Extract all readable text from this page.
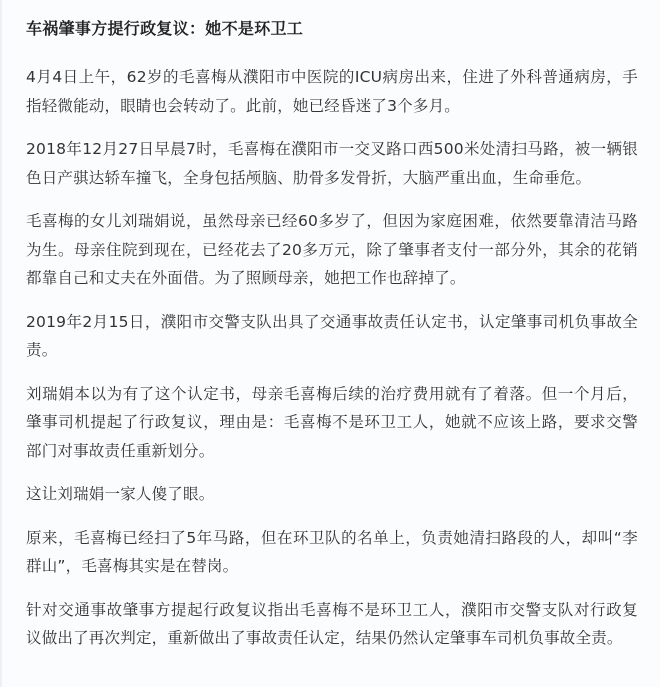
车祸肇事方提行政复议：她不是环卫工

4月4日上午，62岁的毛喜梅从濮阳市中医院的ICU病房出来，住进了外科普通病房，手指轻微能动，眼睛也会转动了。此前，她已经昏迷了3个多月。

2018年12月27日早晨7时，毛喜梅在濮阳市一交叉路口西500米处清扫马路，被一辆银色日产骐达轿车撞飞，全身包括颅脑、肋骨多发骨折，大脑严重出血，生命垂危。

毛喜梅的女儿刘瑞娟说，虽然母亲已经60多岁了，但因为家庭困难，依然要靠清洁马路为生。母亲住院到现在，已经花去了20多万元，除了肇事者支付一部分外，其余的花销都靠自己和丈夫在外面借。为了照顾母亲，她把工作也辞掉了。

2019年2月15日，濮阳市交警支队出具了交通事故责任认定书，认定肇事司机负事故全责。

刘瑞娟本以为有了这个认定书，母亲毛喜梅后续的治疗费用就有了着落。但一个月后，肇事司机提起了行政复议，理由是：毛喜梅不是环卫工人，她就不应该上路，要求交警部门对事故责任重新划分。

这让刘瑞娟一家人傻了眼。

原来，毛喜梅已经扫了5年马路，但在环卫队的名单上，负责她清扫路段的人，却叫“李群山”，毛喜梅其实是在替岗。

针对交通事故肇事方提起行政复议指出毛喜梅不是环卫工人，濮阳市交警支队对行政复议做出了再次判定，重新做出了事故责任认定，结果仍然认定肇事车司机负事故全责。
